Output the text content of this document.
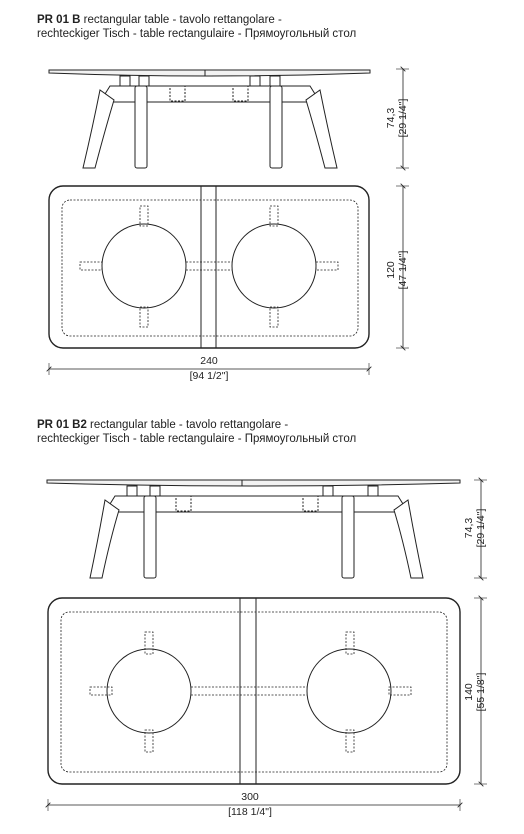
PR 01 B rectangular table - tavolo rettangolare -
rechteckiger Tisch - table rectangulaire - Прямоугольный стол
PR 01 B2 rectangular table - tavolo rettangolare -
rechteckiger Tisch - table rectangulaire - Прямоугольный стол
74,3 [29 1/4"]
120 [47 1/4"]
240
[94 1/2"]
74,3 [29 1/4"]
140 [55 1/8"]
300
[118 1/4"]
